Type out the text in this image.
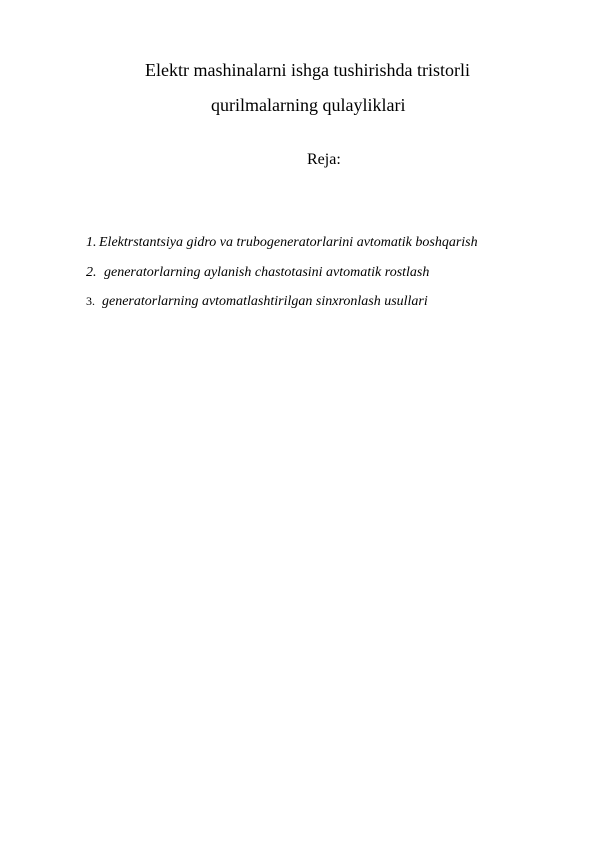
Elektr mashinalarni ishga tushirishda tristorli
qurilmalarning qulayliklari
Reja:
1. Elektrstantsiya gidro va trubogeneratorlarini avtomatik boshqarish
2. generatorlarning aylanish chastotasini avtomatik rostlash
3. generatorlarning avtomatlashtirilgan sinxronlash usullari
